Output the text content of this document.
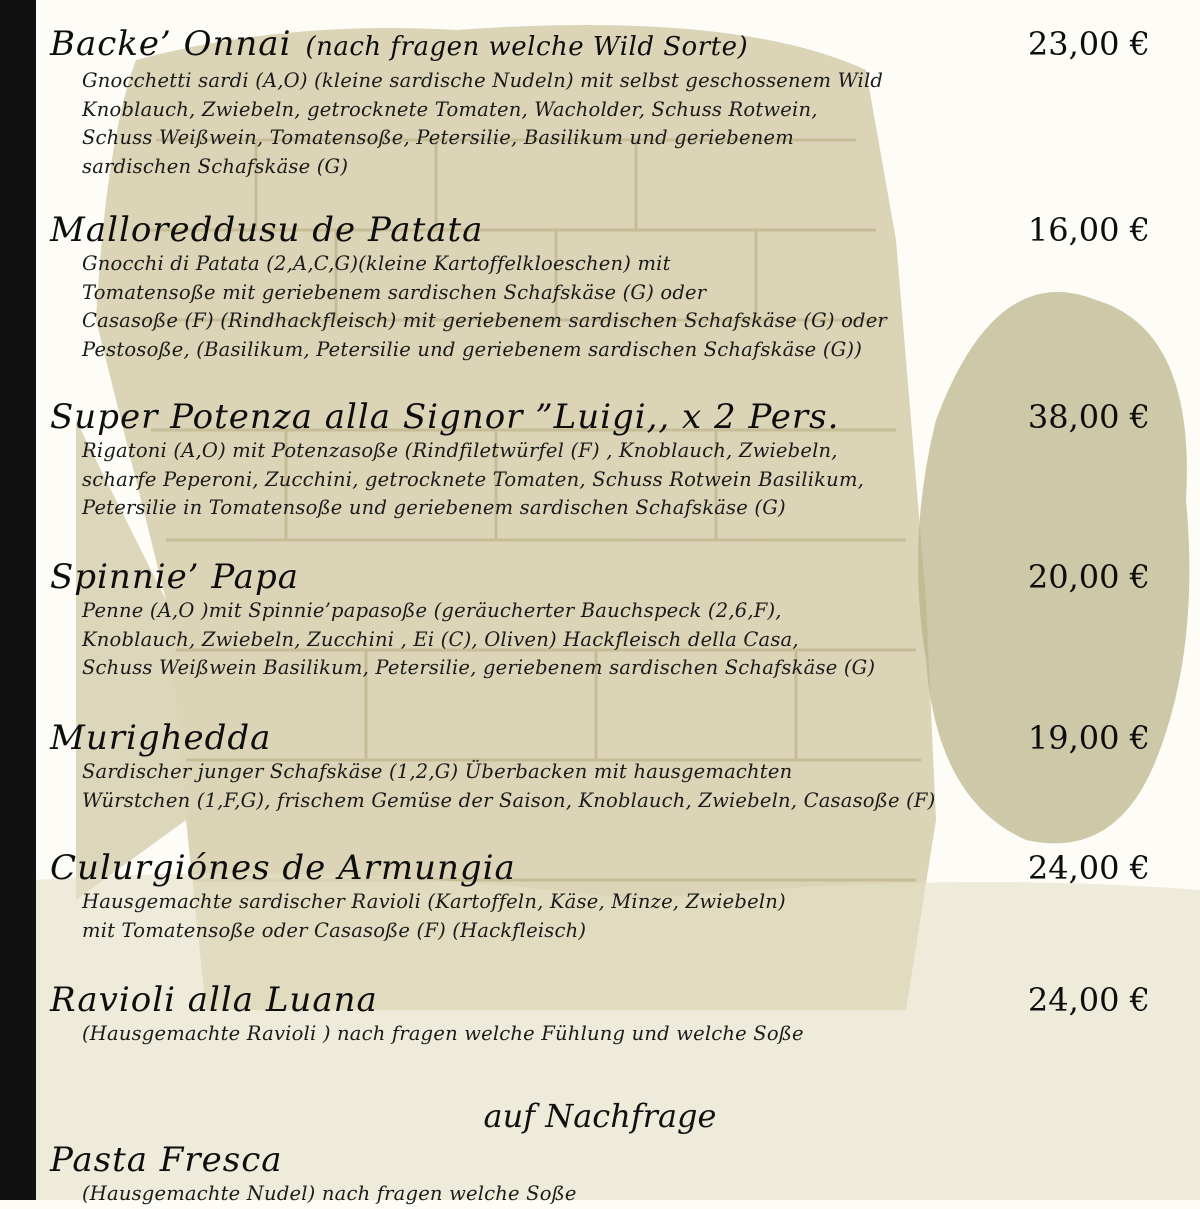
Backe’ Onnai (nach fragen welche Wild Sorte)	23,00 €
Gnocchetti sardi (A,O) (kleine sardische Nudeln) mit selbst geschossenem Wild
Knoblauch, Zwiebeln, getrocknete Tomaten, Wacholder, Schuss Rotwein,
Schuss Weißwein, Tomatensoße, Petersilie, Basilikum und geriebenem
sardischen Schafskäse (G)
Malloreddusu de Patata	16,00 €
Gnocchi di Patata (2,A,C,G)(kleine Kartoffelkloeschen) mit
Tomatensoße mit geriebenem sardischen Schafskäse (G) oder
Casasoße (F) (Rindhackfleisch) mit geriebenem sardischen Schafskäse (G) oder
Pestosoße, (Basilikum, Petersilie und geriebenem sardischen Schafskäse (G))
Super Potenza alla Signor ”Luigi,, x 2 Pers.	38,00 €
Rigatoni (A,O) mit Potenzasoße (Rindfiletwürfel (F) , Knoblauch, Zwiebeln,
scharfe Peperoni, Zucchini, getrocknete Tomaten, Schuss Rotwein Basilikum,
Petersilie in Tomatensoße und geriebenem sardischen Schafskäse (G)
Spinnie’ Papa	20,00 €
Penne (A,O )mit Spinnie’papasoße (geräucherter Bauchspeck (2,6,F),
Knoblauch, Zwiebeln, Zucchini , Ei (C), Oliven) Hackfleisch della Casa,
Schuss Weißwein Basilikum, Petersilie, geriebenem sardischen Schafskäse (G)
Murighedda	19,00 €
Sardischer junger Schafskäse (1,2,G) Überbacken mit hausgemachten
Würstchen (1,F,G), frischem Gemüse der Saison, Knoblauch, Zwiebeln, Casasoße (F)
Culurgiónes de Armungia	24,00 €
Hausgemachte sardischer Ravioli (Kartoffeln, Käse, Minze, Zwiebeln)
mit Tomatensoße oder Casasoße (F) (Hackfleisch)
Ravioli alla Luana	24,00 €
(Hausgemachte Ravioli ) nach fragen welche Fühlung und welche Soße
auf Nachfrage
Pasta Fresca
(Hausgemachte Nudel) nach fragen welche Soße
